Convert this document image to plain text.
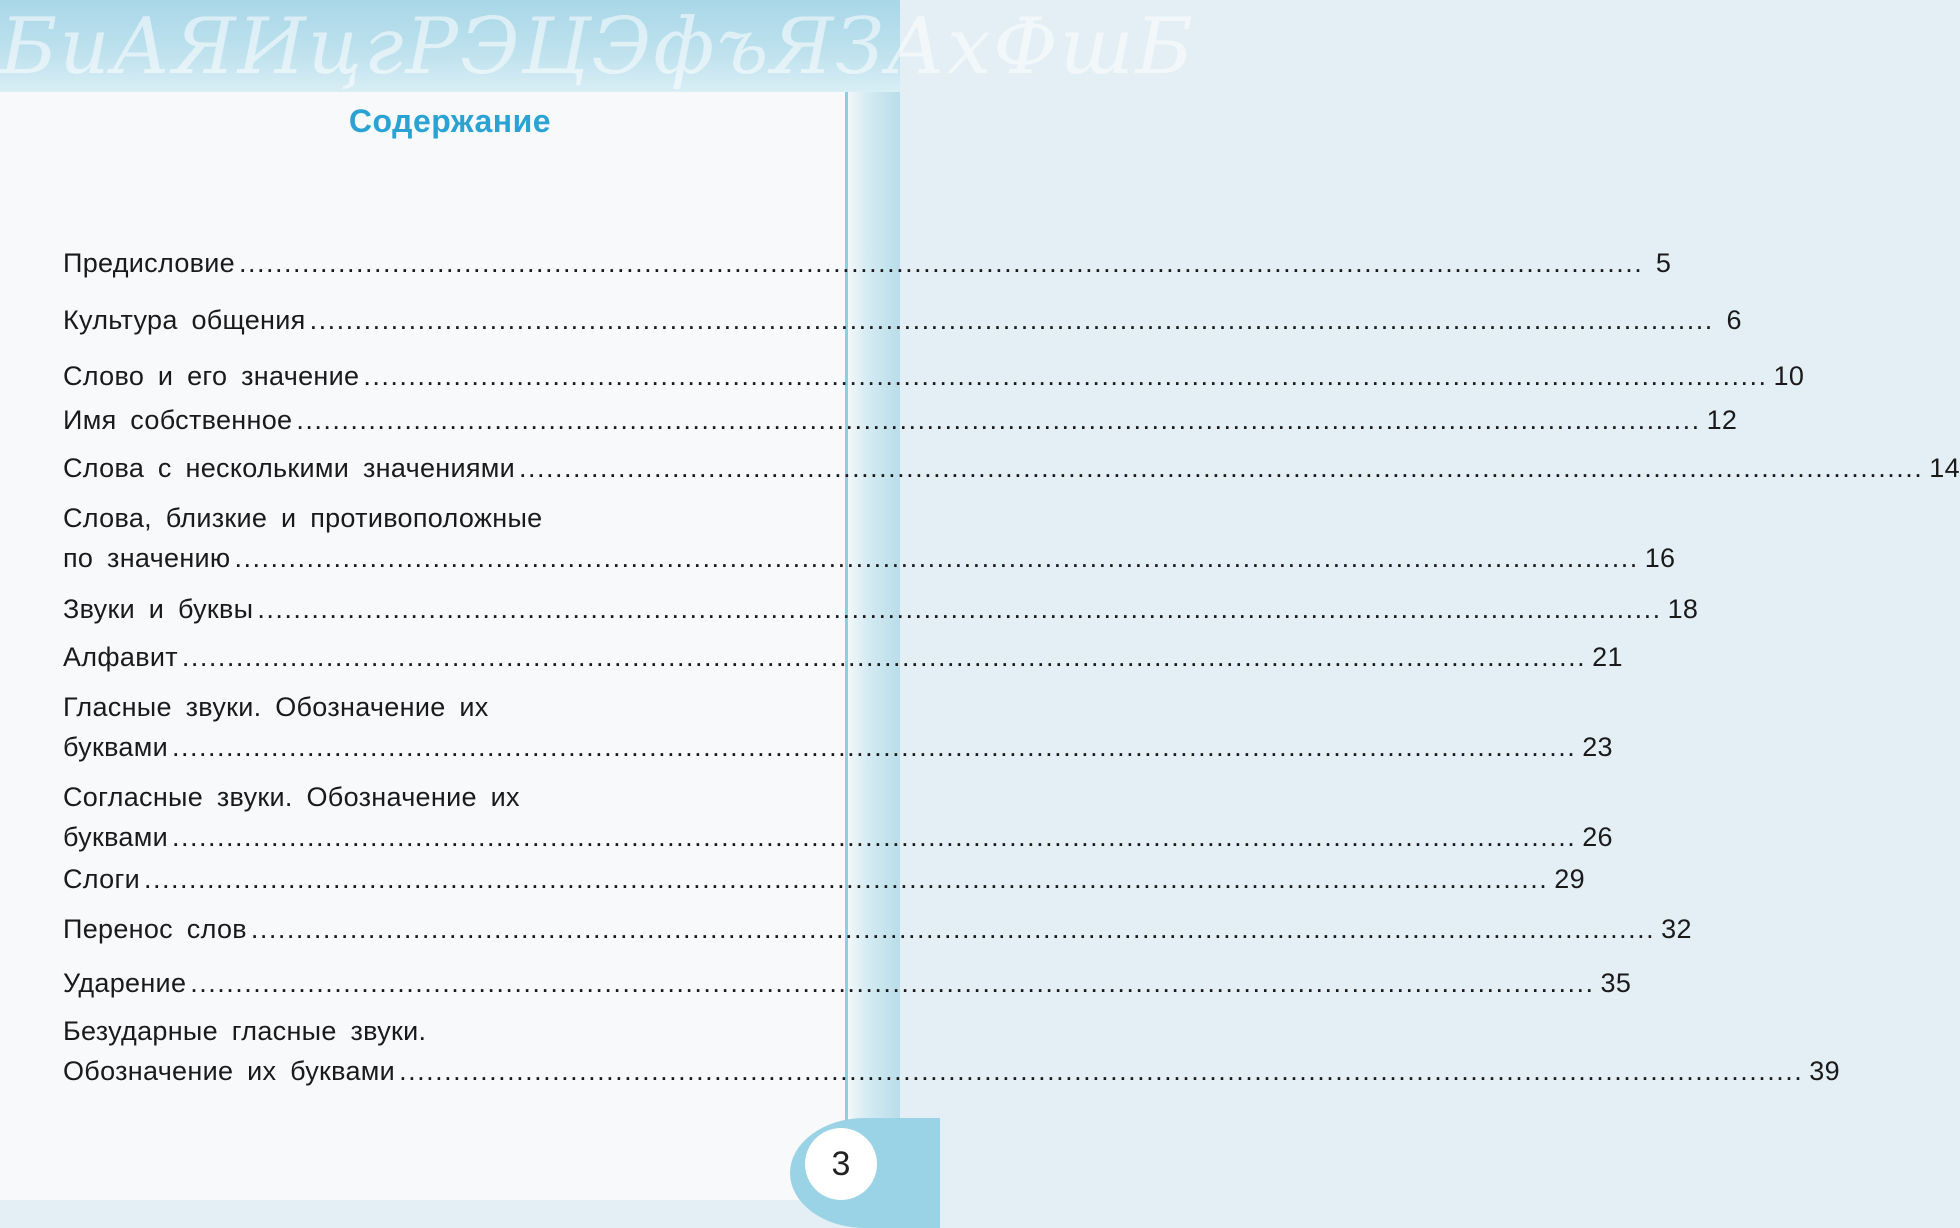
БиАЯИцгРЭЦЭфъЯЗАхФшБ
Содержание
Предисловие .....	5
Культура общения .....	6
Слово и его значение .....	10
Имя собственное .....	12
Слова с несколькими значениями .....	14
Слова, близкие и противоположные
по значению .....	16
Звуки и буквы .....	18
Алфавит .....	21
Гласные звуки. Обозначение их
буквами .....	23
Согласные звуки. Обозначение их
буквами .....	26
Слоги .....	29
Перенос слов .....	32
Ударение .....	35
Безударные гласные звуки.
Обозначение их буквами .....	39
3
